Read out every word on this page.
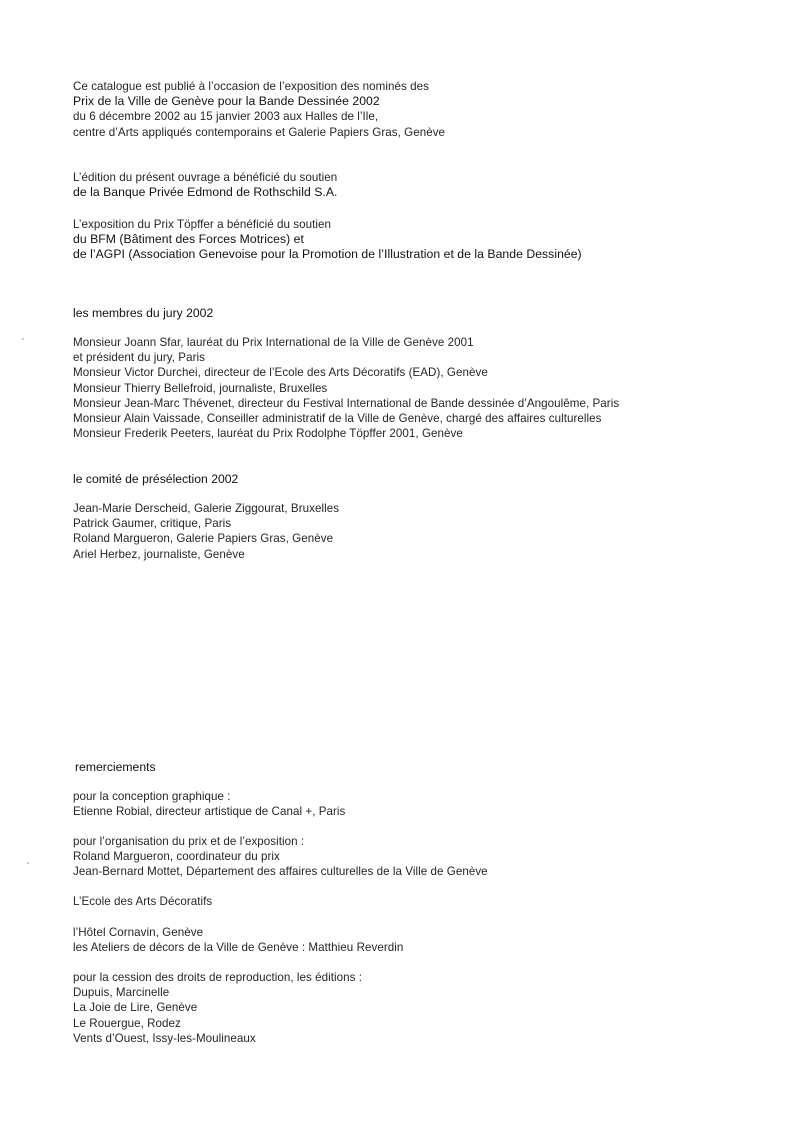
Ce catalogue est publié à l’occasion de l’exposition des nominés des
Prix de la Ville de Genève pour la Bande Dessinée 2002
du 6 décembre 2002 au 15 janvier 2003 aux Halles de l’Ile,
centre d’Arts appliqués contemporains et Galerie Papiers Gras, Genève
L’édition du présent ouvrage a bénéficié du soutien
de la Banque Privée Edmond de Rothschild S.A.
L’exposition du Prix Töpffer a bénéficié du soutien
du BFM (Bâtiment des Forces Motrices) et
de l’AGPI (Association Genevoise pour la Promotion de l’Illustration et de la Bande Dessinée)
les membres du jury 2002
Monsieur Joann Sfar, lauréat du Prix International de la Ville de Genève 2001
et président du jury, Paris
Monsieur Victor Durchei, directeur de l’Ecole des Arts Décoratifs (EAD), Genève
Monsieur Thierry Bellefroid, journaliste, Bruxelles
Monsieur Jean-Marc Thévenet, directeur du Festival International de Bande dessinée d’Angoulême, Paris
Monsieur Alain Vaissade, Conseiller administratif de la Ville de Genève, chargé des affaires culturelles
Monsieur Frederik Peeters, lauréat du Prix Rodolphe Töpffer 2001, Genève
le comité de présélection 2002
Jean-Marie Derscheid, Galerie Ziggourat, Bruxelles
Patrick Gaumer, critique, Paris
Roland Margueron, Galerie Papiers Gras, Genève
Ariel Herbez, journaliste, Genève
remerciements
pour la conception graphique :
Etienne Robial, directeur artistique de Canal +, Paris
pour l’organisation du prix et de l’exposition :
Roland Margueron, coordinateur du prix
Jean-Bernard Mottet, Département des affaires culturelles de la Ville de Genève
L’Ecole des Arts Décoratifs
l’Hôtel Cornavin, Genève
les Ateliers de décors de la Ville de Genève : Matthieu Reverdin
pour la cession des droits de reproduction, les éditions :
Dupuis, Marcinelle
La Joie de Lire, Genève
Le Rouergue, Rodez
Vents d’Ouest, Issy-les-Moulineaux
